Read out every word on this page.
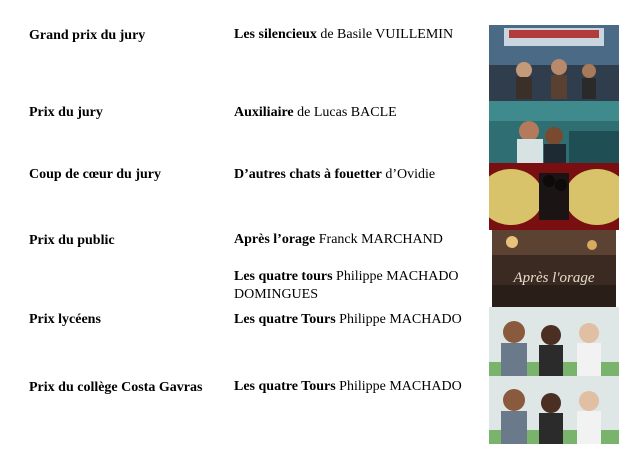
Grand prix du jury	Les silencieux de Basile VUILLEMIN
Prix du jury	Auxiliaire de Lucas BACLE
Coup de cœur du jury	D’autres chats à fouetter d’Ovidie
Prix du public	Après l’orage Franck MARCHAND
Les quatre tours Philippe MACHADO DOMINGUES
Après l'orage
Prix lycéens	Les quatre Tours Philippe MACHADO
Prix du collège Costa Gavras	Les quatre Tours Philippe MACHADO
